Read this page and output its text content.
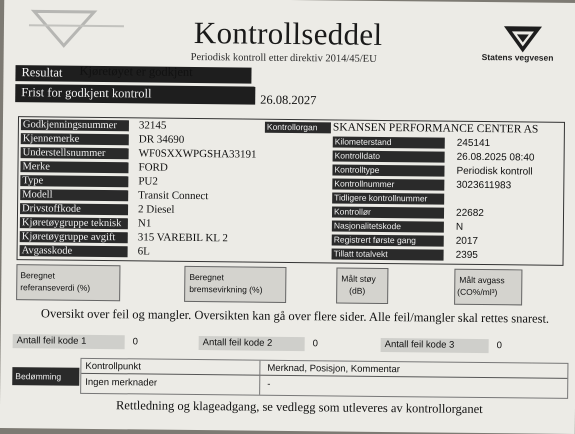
Kontrollseddel
Periodisk kontroll etter direktiv 2014/45/EU	Statens vegvesen
Resultat Kjøretøyet er godkjent
Frist for godkjent kontroll	26.08.2027
Godkjenningsnummer	32145
Kjennemerke	DR 34690
Understellsnummer	WF0SXXWPGSHA33191
Merke	FORD
Type	PU2
Modell	Transit Connect
Drivstoffkode	2 Diesel
Kjøretøygruppe teknisk	N1
Kjøretøygruppe avgift	315 VAREBIL KL 2
Avgasskode	6L
Kontrollorgan	SKANSEN PERFORMANCE CENTER AS
Kilometerstand	245141
Kontrolldato	26.08.2025 08:40
Kontrolltype	Periodisk kontroll
Kontrollnummer	3023611983
Tidligere kontrollnummer
Kontrollør	22682
Nasjonalitetskode	N
Registrert første gang	2017
Tillatt totalvekt	2395
Beregnet
referanseverdi (%)
Beregnet
bremsevirkning (%)
Målt støy
(dB)
Målt avgass
(CO%/ml³)
Oversikt over feil og mangler. Oversikten kan gå over flere sider. Alle feil/mangler skal rettes snarest.
Antall feil kode 1	0	Antall feil kode 2	0	Antall feil kode 3	0
Bedømming
Kontrollpunkt	Merknad, Posisjon, Kommentar
Ingen merknader	-
Rettledning og klageadgang, se vedlegg som utleveres av kontrollorganet
